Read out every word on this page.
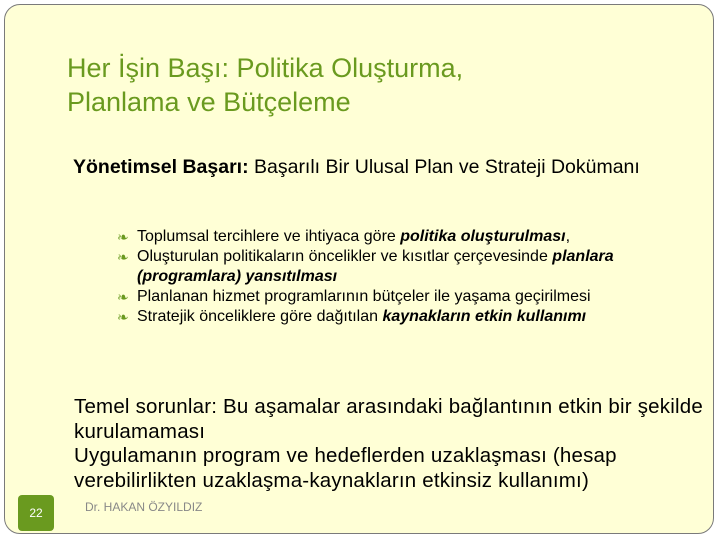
Her İşin Başı: Politika Oluşturma,
Planlama ve Bütçeleme
Yönetimsel Başarı: Başarılı Bir Ulusal Plan ve Strateji Dokümanı
❧ Toplumsal tercihlere ve ihtiyaca göre politika oluşturulması,
❧ Oluşturulan politikaların öncelikler ve kısıtlar çerçevesinde planlara (programlara) yansıtılması
❧ Planlanan hizmet programlarının bütçeler ile yaşama geçirilmesi
❧ Stratejik önceliklere göre dağıtılan kaynakların etkin kullanımı

Temel sorunlar: Bu aşamalar arasındaki bağlantının etkin bir şekilde kurulamaması

Uygulamanın program ve hedeflerden uzaklaşması (hesap verebilirlikten uzaklaşma-kaynakların etkinsiz kullanımı)

Dr. HAKAN ÖZYILDIZ
22
